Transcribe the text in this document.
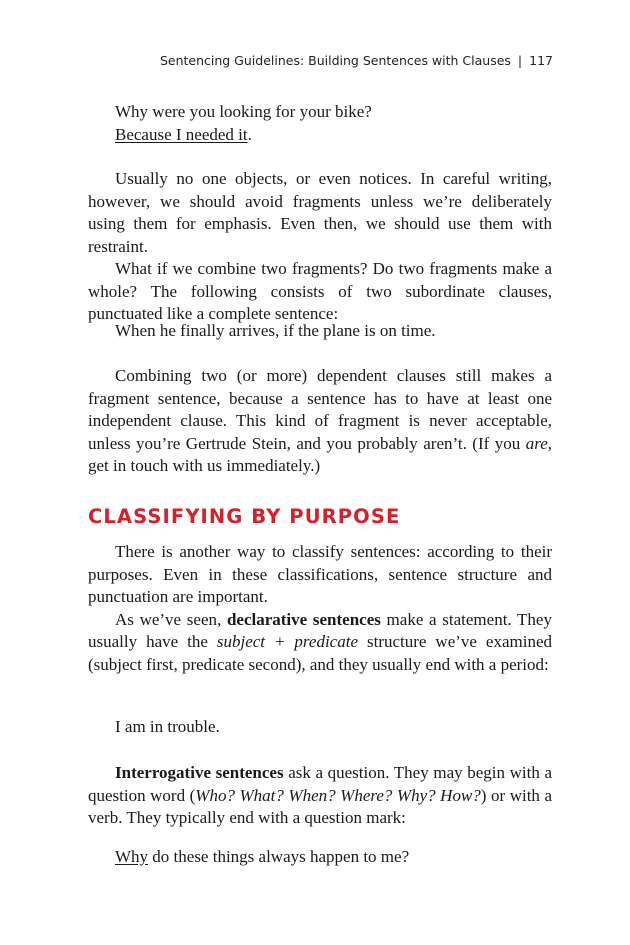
Sentencing Guidelines: Building Sentences with Clauses | 117

Why were you looking for your bike?

Because I needed it.

Usually no one objects, or even notices. In careful writing, however, we should avoid fragments unless we’re deliberately using them for emphasis. Even then, we should use them with restraint.

What if we combine two fragments? Do two fragments make a whole? The following consists of two subordinate clauses, punctuated like a complete sentence:

When he finally arrives, if the plane is on time.

Combining two (or more) dependent clauses still makes a fragment sentence, because a sentence has to have at least one independent clause. This kind of fragment is never acceptable, unless you’re Gertrude Stein, and you probably aren’t. (If you are, get in touch with us immediately.)

CLASSIFYING BY PURPOSE

There is another way to classify sentences: according to their purposes. Even in these classifications, sentence structure and punctuation are important.

As we’ve seen, declarative sentences make a statement. They usually have the subject + predicate structure we’ve examined (subject first, predicate second), and they usually end with a period:

I am in trouble.

Interrogative sentences ask a question. They may begin with a question word (Who? What? When? Where? Why? How?) or with a verb. They typically end with a question mark:

Why do these things always happen to me?
